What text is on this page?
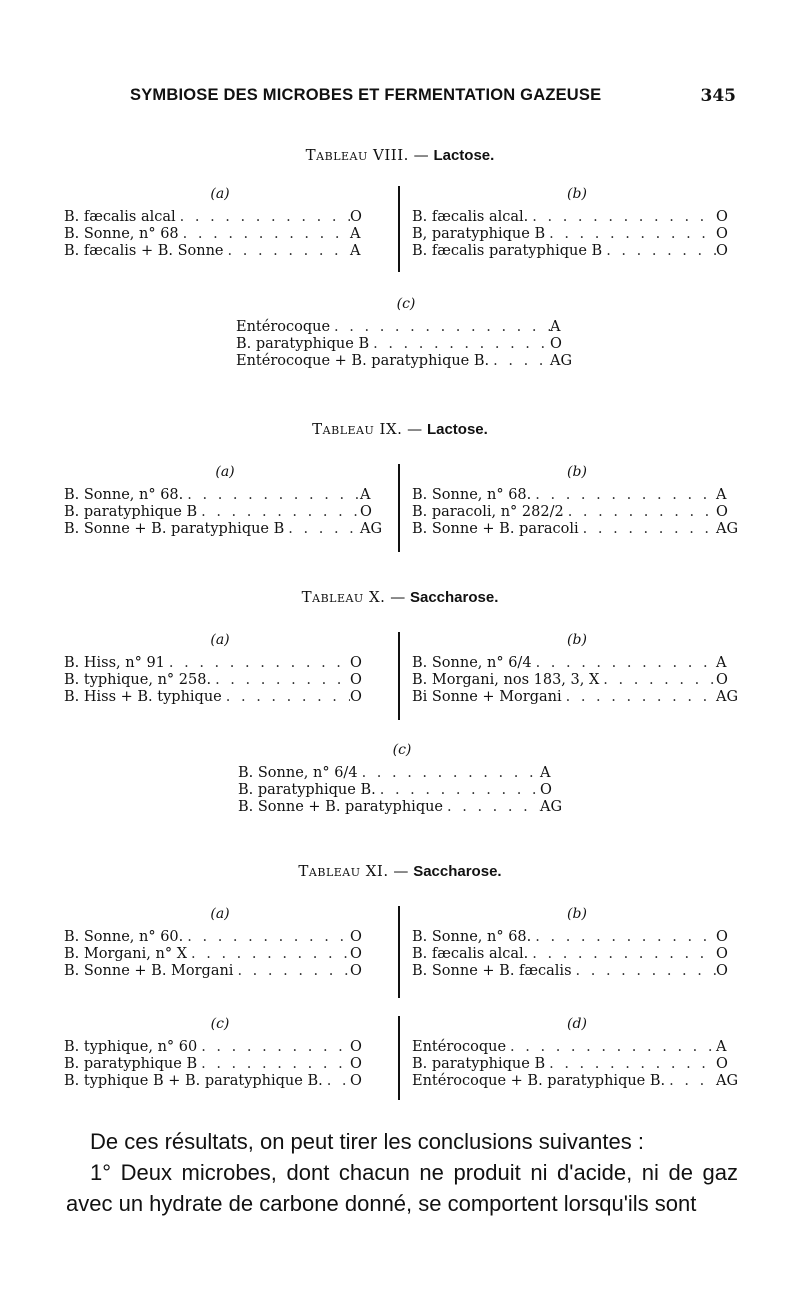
SYMBIOSE DES MICROBES ET FERMENTATION GAZEUSE	345
Tableau VIII. — Lactose.
(a)
B. fæcalis alcal . . .	O
B. Sonne, n° 68 . . .	A
B. fæcalis + B. Sonne . . .	A
(b)
B. fæcalis alcal. . . .	O
B, paratyphique B . . .	O
B. fæcalis paratyphique B . . .	O
(c)
Entérocoque . . .	A
B. paratyphique B . . .	O
Entérocoque + B. paratyphique B. . . .	AG
Tableau IX. — Lactose.
(a)
B. Sonne, n° 68. . . .	A
B. paratyphique B . . .	O
B. Sonne + B. paratyphique B . . .	AG
(b)
B. Sonne, n° 68. . . .	A
B. paracoli, n° 282/2 . . .	O
B. Sonne + B. paracoli . . .	AG
Tableau X. — Saccharose.
(a)
B. Hiss, n° 91 . . .	O
B. typhique, n° 258. . . .	O
B. Hiss + B. typhique . . .	O
(b)
B. Sonne, n° 6/4 . . .	A
B. Morgani, nos 183, 3, X . . .	O
Bi Sonne + Morgani . . .	AG
(c)
B. Sonne, n° 6/4 . . .	A
B. paratyphique B. . . .	O
B. Sonne + B. paratyphique . . .	AG
Tableau XI. — Saccharose.
(a)
B. Sonne, n° 60. . . .	O
B. Morgani, n° X . . .	O
B. Sonne + B. Morgani . . .	O
(b)
B. Sonne, n° 68. . . .	O
B. fæcalis alcal. . . .	O
B. Sonne + B. fæcalis . . .	O
(c)
B. typhique, n° 60 . . .	O
B. paratyphique B . . .	O
B. typhique B + B. paratyphique B. . . . O
(d)
Entérocoque . . .	A
B. paratyphique B . . .	O
Entérocoque + B. paratyphique B. . . .	AG

De ces résultats, on peut tirer les conclusions suivantes :

1° Deux microbes, dont chacun ne produit ni d'acide, ni de gaz avec un hydrate de carbone donné, se comportent lorsqu'ils sont
